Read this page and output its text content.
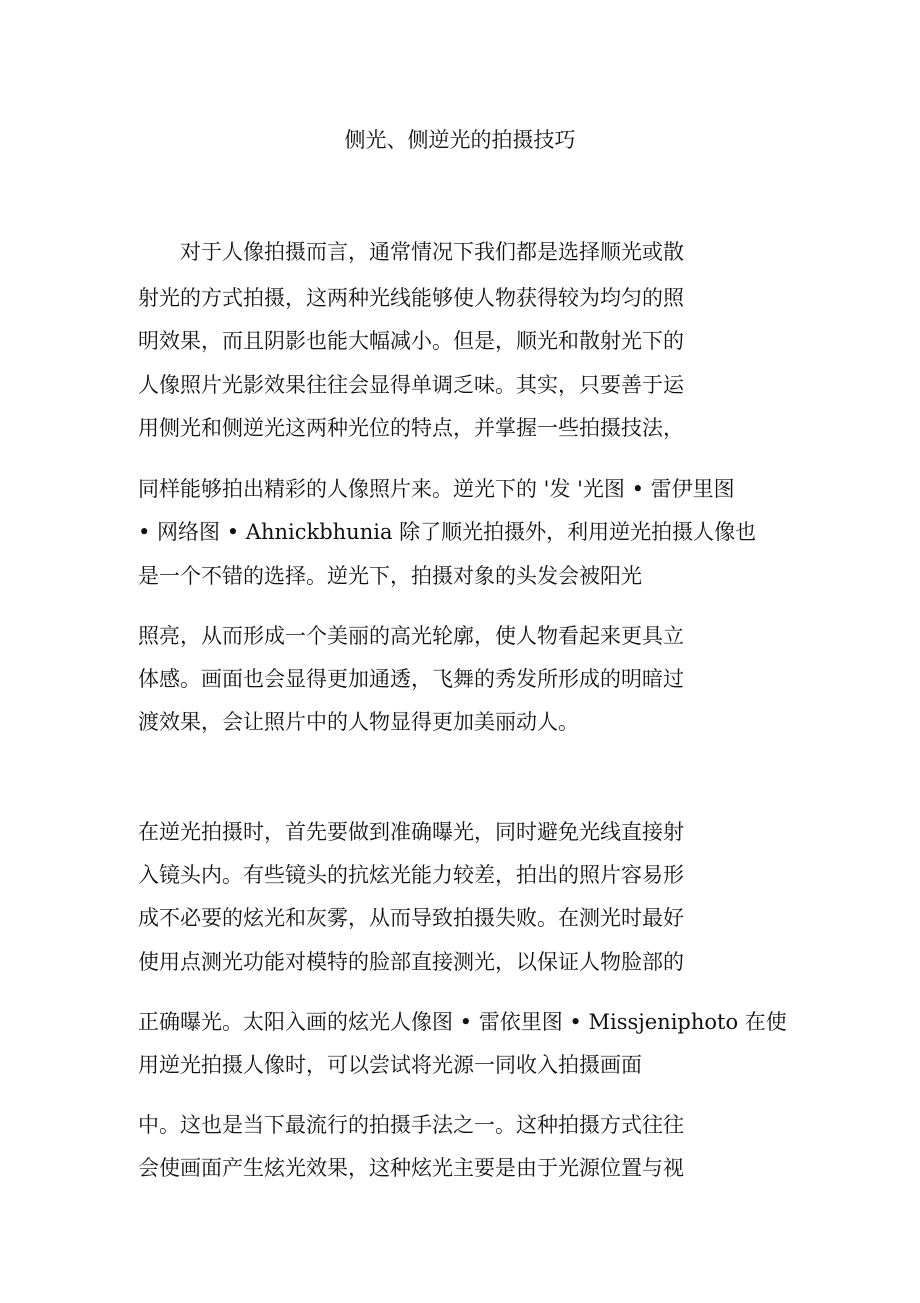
侧光、侧逆光的拍摄技巧
对于人像拍摄而言，通常情况下我们都是选择顺光或散
射光的方式拍摄，这两种光线能够使人物获得较为均匀的照
明效果，而且阴影也能大幅减小。但是，顺光和散射光下的
人像照片光影效果往往会显得单调乏味。其实，只要善于运
用侧光和侧逆光这两种光位的特点，并掌握一些拍摄技法，
同样能够拍出精彩的人像照片来。逆光下的 '发 '光图 • 雷伊里图
• 网络图 • Ahnickbhunia 除了顺光拍摄外，利用逆光拍摄人像也
是一个不错的选择。逆光下，拍摄对象的头发会被阳光
照亮，从而形成一个美丽的高光轮廓，使人物看起来更具立
体感。画面也会显得更加通透，飞舞的秀发所形成的明暗过
渡效果，会让照片中的人物显得更加美丽动人。
在逆光拍摄时，首先要做到准确曝光，同时避免光线直接射
入镜头内。有些镜头的抗炫光能力较差，拍出的照片容易形
成不必要的炫光和灰雾，从而导致拍摄失败。在测光时最好
使用点测光功能对模特的脸部直接测光，以保证人物脸部的
正确曝光。太阳入画的炫光人像图 • 雷依里图 • Missjeniphoto 在使
用逆光拍摄人像时，可以尝试将光源一同收入拍摄画面
中。这也是当下最流行的拍摄手法之一。这种拍摄方式往往
会使画面产生炫光效果，这种炫光主要是由于光源位置与视
